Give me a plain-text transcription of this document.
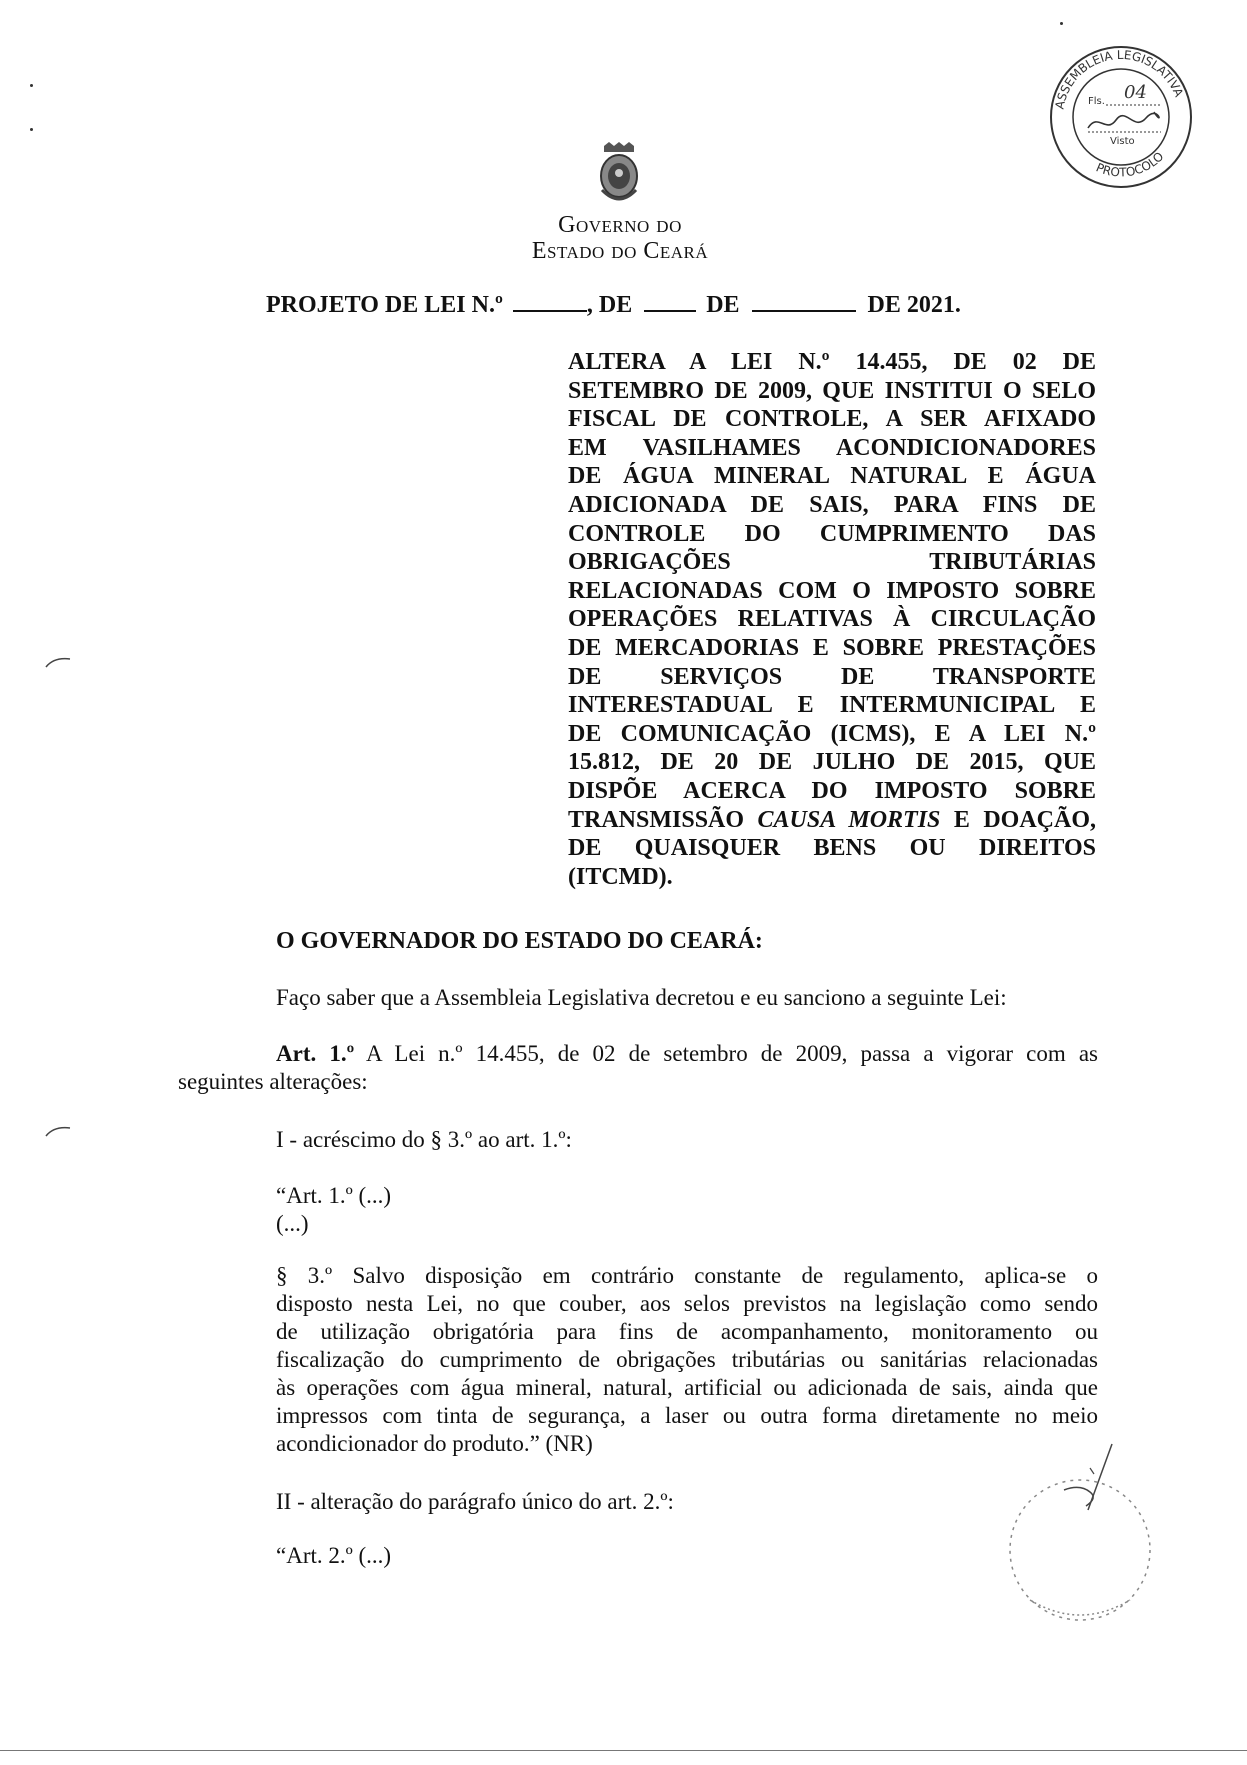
ASSEMBLEIA LEGISLATIVA
PROTOCOLO
Fls. 04
Visto
Governo do
Estado do Ceará
PROJETO DE LEI N.º	, DE	DE	DE 2021.
ALTERA A LEI N.º 14.455, DE 02 DE
SETEMBRO DE 2009, QUE INSTITUI O SELO
FISCAL DE CONTROLE, A SER AFIXADO
EM VASILHAMES ACONDICIONADORES
DE ÁGUA MINERAL NATURAL E ÁGUA
ADICIONADA DE SAIS, PARA FINS DE
CONTROLE DO CUMPRIMENTO DAS
OBRIGAÇÕES TRIBUTÁRIAS
RELACIONADAS COM O IMPOSTO SOBRE
OPERAÇÕES RELATIVAS À CIRCULAÇÃO
DE MERCADORIAS E SOBRE PRESTAÇÕES
DE SERVIÇOS DE TRANSPORTE
INTERESTADUAL E INTERMUNICIPAL E
DE COMUNICAÇÃO (ICMS), E A LEI N.º
15.812, DE 20 DE JULHO DE 2015, QUE
DISPÕE ACERCA DO IMPOSTO SOBRE
TRANSMISSÃO CAUSA MORTIS E DOAÇÃO,
DE QUAISQUER BENS OU DIREITOS
(ITCMD).
O GOVERNADOR DO ESTADO DO CEARÁ:
Faço saber que a Assembleia Legislativa decretou e eu sanciono a seguinte Lei:
Art. 1.º A Lei n.º 14.455, de 02 de setembro de 2009, passa a vigorar com as
seguintes alterações:
I - acréscimo do § 3.º ao art. 1.º:
“Art. 1.º (...)
(...)
§ 3.º Salvo disposição em contrário constante de regulamento, aplica-se o
disposto nesta Lei, no que couber, aos selos previstos na legislação como sendo
de utilização obrigatória para fins de acompanhamento, monitoramento ou
fiscalização do cumprimento de obrigações tributárias ou sanitárias relacionadas
às operações com água mineral, natural, artificial ou adicionada de sais, ainda que
impressos com tinta de segurança, a laser ou outra forma diretamente no meio
acondicionador do produto.” (NR)
II - alteração do parágrafo único do art. 2.º:
“Art. 2.º (...)
